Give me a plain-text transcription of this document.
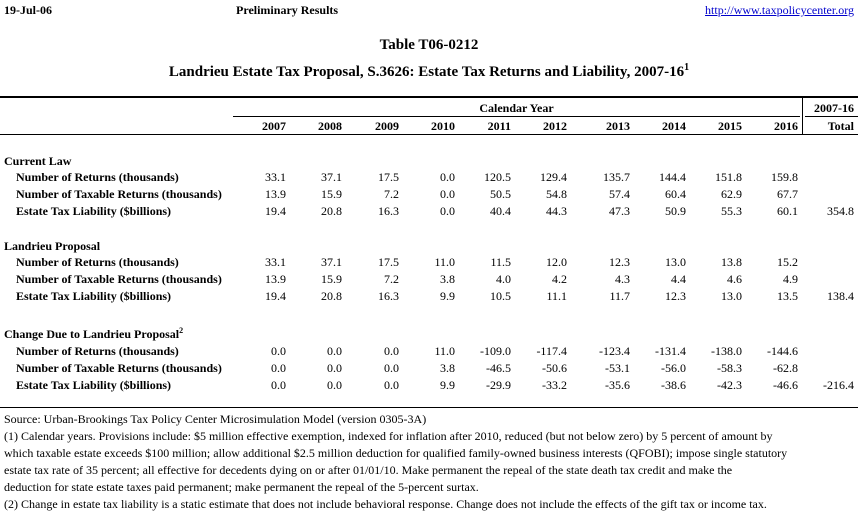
19-Jul-06	Preliminary Results	http://www.taxpolicycenter.org
Table T06-0212
Landrieu Estate Tax Proposal, S.3626: Estate Tax Returns and Liability, $2007-16^1$
Calendar Year	2007-16
2007	2008	2009	2010	2011	2012	2013	2014	2015	2016	Total
Current Law
Number of Returns (thousands)	33.1	37.1	17.5	0.0	120.5	129.4	135.7	144.4	151.8	159.8
Number of Taxable Returns (thousands)	13.9	15.9	7.2	0.0	50.5	54.8	57.4	60.4	62.9	67.7
Estate Tax Liability ($billions)	19.4	20.8	16.3	0.0	40.4	44.3	47.3	50.9	55.3	60.1	354.8
Landrieu Proposal
Number of Returns (thousands)	33.1	37.1	17.5	11.0	11.5	12.0	12.3	13.0	13.8	15.2
Number of Taxable Returns (thousands)	13.9	15.9	7.2	3.8	4.0	4.2	4.3	4.4	4.6	4.9
Estate Tax Liability ($billions)	19.4	20.8	16.3	9.9	10.5	11.1	11.7	12.3	13.0	13.5	138.4
Change Due to Landrieu Proposal$^2$
Number of Returns (thousands)	0.0	0.0	0.0	11.0	-109.0	-117.4	-123.4	-131.4	-138.0	-144.6
Number of Taxable Returns (thousands)	0.0	0.0	0.0	3.8	-46.5	-50.6	-53.1	-56.0	-58.3	-62.8
Estate Tax Liability ($billions)	0.0	0.0	0.0	9.9	-29.9	-33.2	-35.6	-38.6	-42.3	-46.6	-216.4

Source: Urban-Brookings Tax Policy Center Microsimulation Model (version 0305-3A)

(1) Calendar years. Provisions include: $5 million effective exemption, indexed for inflation after 2010, reduced (but not below zero) by 5 percent of amount by

which taxable estate exceeds $100 million; allow additional $2.5 million deduction for qualified family-owned business interests (QFOBI); impose single statutory

estate tax rate of 35 percent; all effective for decedents dying on or after 01/01/10. Make permanent the repeal of the state death tax credit and make the

deduction for state estate taxes paid permanent; make permanent the repeal of the 5-percent surtax.

(2) Change in estate tax liability is a static estimate that does not include behavioral response. Change does not include the effects of the gift tax or income tax.
